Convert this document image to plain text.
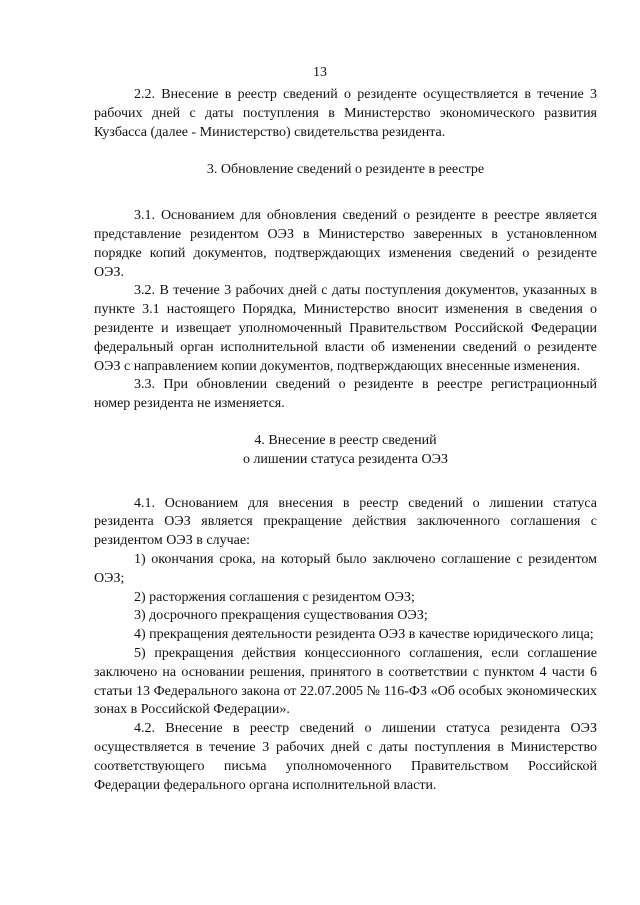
13

2.2. Внесение в реестр сведений о резиденте осуществляется в течение 3 рабочих дней с даты поступления в Министерство экономического развития Кузбасса (далее - Министерство) свидетельства резидента.

3. Обновление сведений о резиденте в реестре

3.1. Основанием для обновления сведений о резиденте в реестре является представление резидентом ОЭЗ в Министерство заверенных в установленном порядке копий документов, подтверждающих изменения сведений о резиденте ОЭЗ.

3.2. В течение 3 рабочих дней с даты поступления документов, указанных в пункте 3.1 настоящего Порядка, Министерство вносит изменения в сведения о резиденте и извещает уполномоченный Правительством Российской Федерации федеральный орган исполнительной власти об изменении сведений о резиденте ОЭЗ с направлением копии документов, подтверждающих внесенные изменения.

3.3. При обновлении сведений о резиденте в реестре регистрационный номер резидента не изменяется.

4. Внесение в реестр сведений
о лишении статуса резидента ОЭЗ

4.1. Основанием для внесения в реестр сведений о лишении статуса резидента ОЭЗ является прекращение действия заключенного соглашения с резидентом ОЭЗ в случае:

1) окончания срока, на который было заключено соглашение с резидентом ОЭЗ;

2) расторжения соглашения с резидентом ОЭЗ;

3) досрочного прекращения существования ОЭЗ;

4) прекращения деятельности резидента ОЭЗ в качестве юридического лица;

5) прекращения действия концессионного соглашения, если соглашение заключено на основании решения, принятого в соответствии с пунктом 4 части 6 статьи 13 Федерального закона от 22.07.2005 № 116-ФЗ «Об особых экономических зонах в Российской Федерации».

4.2. Внесение в реестр сведений о лишении статуса резидента ОЭЗ осуществляется в течение 3 рабочих дней с даты поступления в Министерство соответствующего письма уполномоченного Правительством Российской Федерации федерального органа исполнительной власти.
